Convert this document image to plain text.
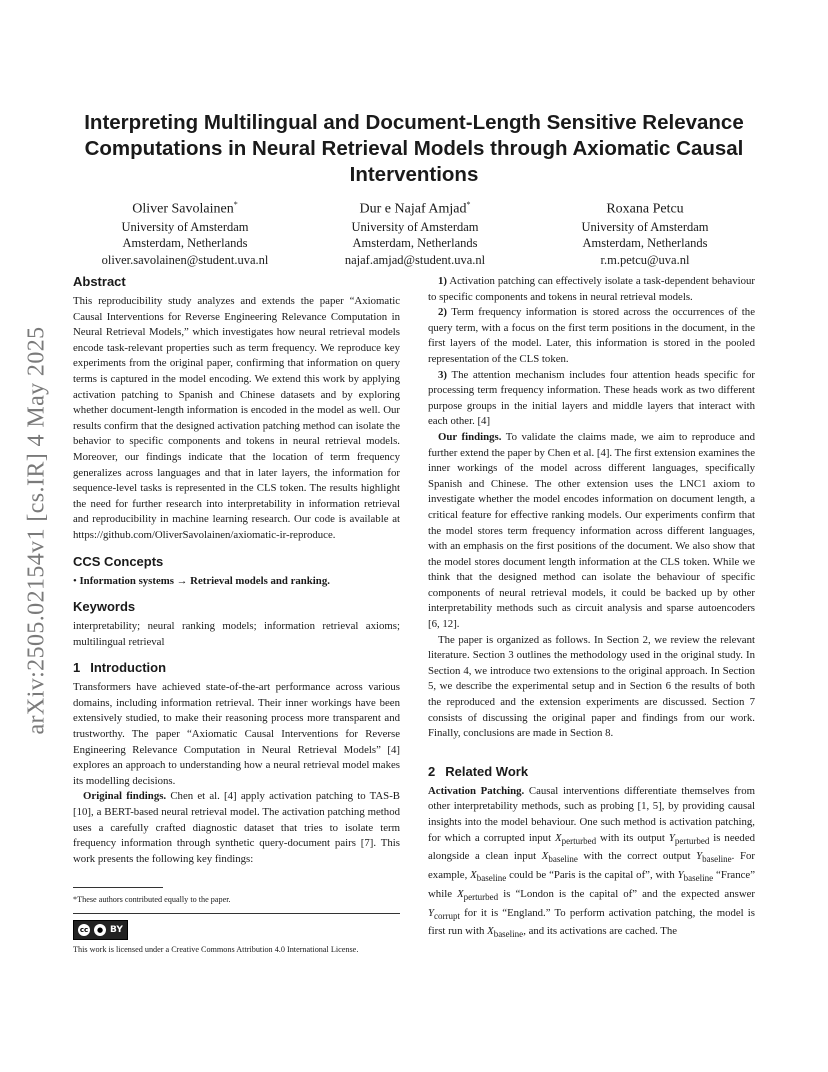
arXiv:2505.02154v1 [cs.IR] 4 May 2025
Interpreting Multilingual and Document-Length Sensitive Relevance Computations in Neural Retrieval Models through Axiomatic Causal Interventions
Oliver Savolainen*
University of Amsterdam
Amsterdam, Netherlands
oliver.savolainen@student.uva.nl
Dur e Najaf Amjad*
University of Amsterdam
Amsterdam, Netherlands
najaf.amjad@student.uva.nl
Roxana Petcu
University of Amsterdam
Amsterdam, Netherlands
r.m.petcu@uva.nl
Abstract

This reproducibility study analyzes and extends the paper “Axiomatic Causal Interventions for Reverse Engineering Relevance Computation in Neural Retrieval Models,” which investigates how neural retrieval models encode task-relevant properties such as term frequency. We reproduce key experiments from the original paper, confirming that information on query terms is captured in the model encoding. We extend this work by applying activation patching to Spanish and Chinese datasets and by exploring whether document-length information is encoded in the model as well. Our results confirm that the designed activation patching method can isolate the behavior to specific components and tokens in neural retrieval models. Moreover, our findings indicate that the location of term frequency generalizes across languages and that in later layers, the information for sequence-level tasks is represented in the CLS token. The results highlight the need for further research into interpretability in information retrieval and reproducibility in machine learning research. Our code is available at https://github.com/OliverSavolainen/axiomatic-ir-reproduce.

CCS Concepts

• Information systems → Retrieval models and ranking.

Keywords

interpretability; neural ranking models; information retrieval axioms; multilingual retrieval

1 Introduction

Transformers have achieved state-of-the-art performance across various domains, including information retrieval. Their inner workings have been extensively studied, to make their reasoning process more transparent and trustworthy. The paper “Axiomatic Causal Interventions for Reverse Engineering Relevance Computation in Neural Retrieval Models” [4] explores an approach to understanding how a neural retrieval model makes its modelling decisions.

Original findings. Chen et al. [4] apply activation patching to TAS-B [10], a BERT-based neural retrieval model. The activation patching method uses a carefully crafted diagnostic dataset that tries to isolate term frequency information through synthetic query-document pairs [7]. This work presents the following key findings:

*These authors contributed equally to the paper.
cc	● BY
This work is licensed under a Creative Commons Attribution 4.0 International License.

1) Activation patching can effectively isolate a task-dependent behaviour to specific components and tokens in neural retrieval models.

2) Term frequency information is stored across the occurrences of the query term, with a focus on the first term positions in the document, in the first layers of the model. Later, this information is stored in the pooled representation of the CLS token.

3) The attention mechanism includes four attention heads specific for processing term frequency information. These heads work as two different purpose groups in the initial layers and middle layers that interact with each other. [4]

Our findings. To validate the claims made, we aim to reproduce and further extend the paper by Chen et al. [4]. The first extension examines the inner workings of the model across different languages, specifically Spanish and Chinese. The other extension uses the LNC1 axiom to investigate whether the model encodes information on document length, a critical feature for effective ranking models. Our experiments confirm that the model stores term frequency information across different languages, with an emphasis on the first positions of the document. We also show that the model stores document length information at the CLS token. While we think that the designed method can isolate the behaviour of specific components of neural retrieval models, it could be backed up by other interpretability methods such as circuit analysis and sparse autoencoders [6, 12].

The paper is organized as follows. In Section 2, we review the relevant literature. Section 3 outlines the methodology used in the original study. In Section 4, we introduce two extensions to the original approach. In Section 5, we describe the experimental setup and in Section 6 the results of both the reproduced and the extension experiments are discussed. Section 7 consists of discussing the original paper and findings from our work. Finally, conclusions are made in Section 8.

2 Related Work

Activation Patching. Causal interventions differentiate themselves from other interpretability methods, such as probing [1, 5], by providing causal insights into the model behaviour. One such method is activation patching, for which a corrupted input $X_{perturbed}$ with its output $Y_{perturbed}$ is needed alongside a clean input $X_{baseline}$ with the correct output $Y_{baseline}$. For example, $X_{baseline}$ could be “Paris is the capital of”, with $Y_{baseline}$ “France” while $X_{perturbed}$ is “London is the capital of” and the expected answer $Y_{corrupt}$ for it is “England.” To perform activation patching, the model is first run with $X_{baseline}$, and its activations are cached. The
